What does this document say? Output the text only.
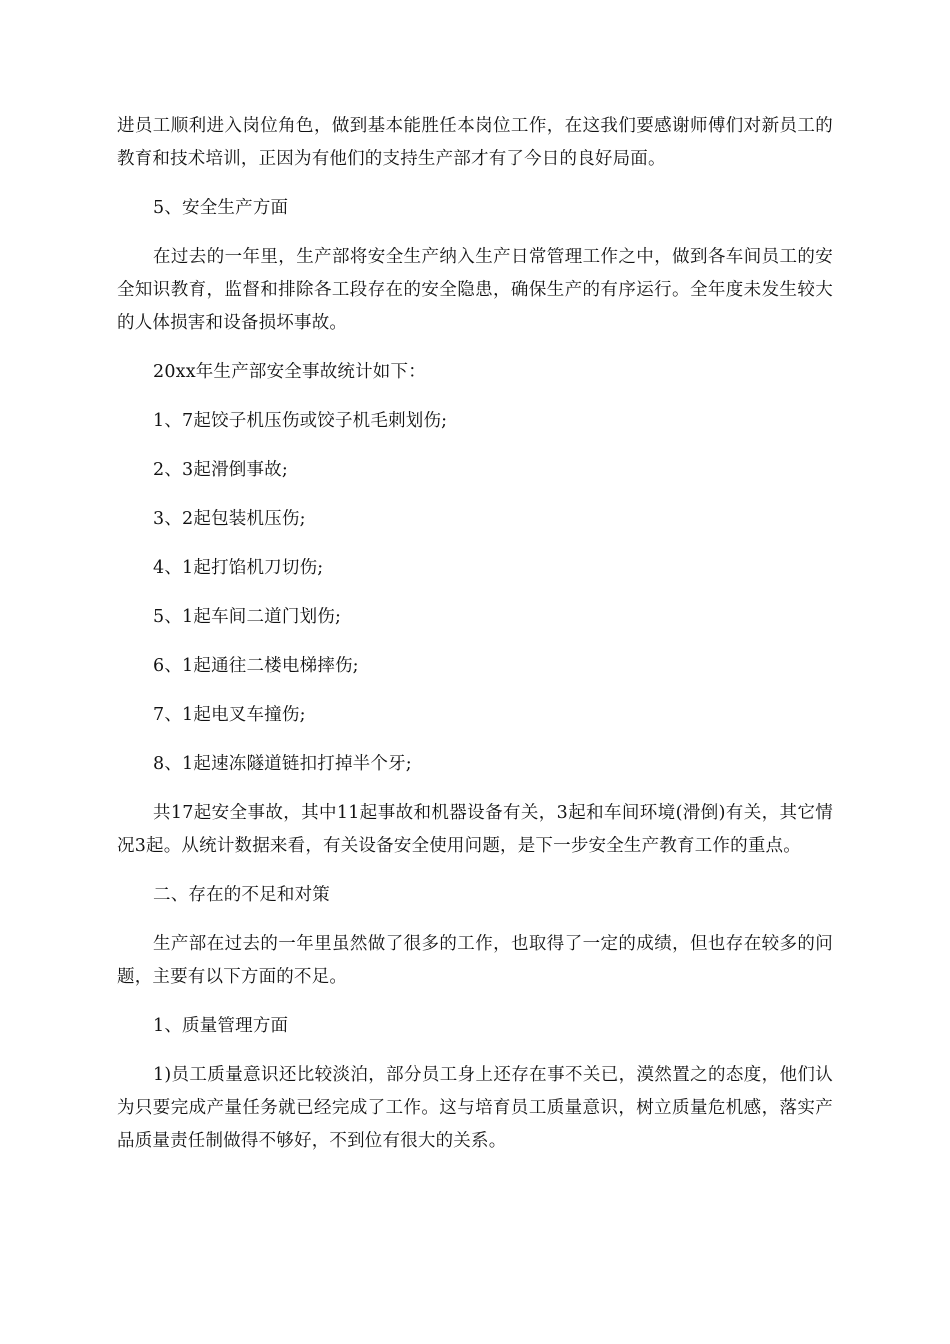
进员工顺利进入岗位角色，做到基本能胜任本岗位工作，在这我们要感谢师傅们对新员工的教育和技术培训，正因为有他们的支持生产部才有了今日的良好局面。

5、安全生产方面

在过去的一年里，生产部将安全生产纳入生产日常管理工作之中，做到各车间员工的安全知识教育，监督和排除各工段存在的安全隐患，确保生产的有序运行。全年度未发生较大的人体损害和设备损坏事故。

20xx年生产部安全事故统计如下：

1、7起饺子机压伤或饺子机毛刺划伤;

2、3起滑倒事故;

3、2起包装机压伤;

4、1起打馅机刀切伤;

5、1起车间二道门划伤;

6、1起通往二楼电梯摔伤;

7、1起电叉车撞伤;

8、1起速冻隧道链扣打掉半个牙;

共17起安全事故，其中11起事故和机器设备有关，3起和车间环境(滑倒)有关，其它情况3起。从统计数据来看，有关设备安全使用问题，是下一步安全生产教育工作的重点。

二、存在的不足和对策

生产部在过去的一年里虽然做了很多的工作，也取得了一定的成绩，但也存在较多的问题，主要有以下方面的不足。

1、质量管理方面

1)员工质量意识还比较淡泊，部分员工身上还存在事不关已，漠然置之的态度，他们认为只要完成产量任务就已经完成了工作。这与培育员工质量意识，树立质量危机感，落实产品质量责任制做得不够好，不到位有很大的关系。
